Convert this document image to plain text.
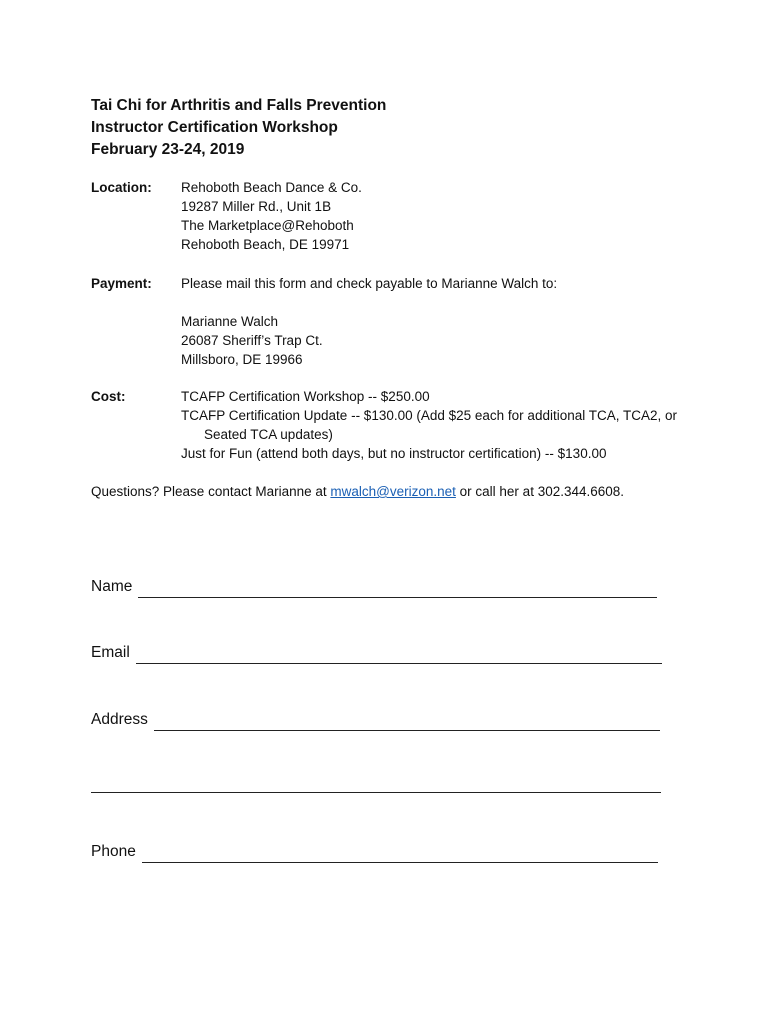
Tai Chi for Arthritis and Falls Prevention
Instructor Certification Workshop
February 23-24, 2019
Location: Rehoboth Beach Dance & Co.
19287 Miller Rd., Unit 1B
The Marketplace@Rehoboth
Rehoboth Beach, DE 19971
Payment: Please mail this form and check payable to Marianne Walch to:
Marianne Walch
26087 Sheriff’s Trap Ct.
Millsboro, DE 19966
Cost:	TCAFP Certification Workshop -- $250.00
TCAFP Certification Update -- $130.00 (Add $25 each for additional TCA, TCA2, or
Seated TCA updates)
Just for Fun (attend both days, but no instructor certification) -- $130.00
Questions? Please contact Marianne at mwalch@verizon.net or call her at 302.344.6608.
Name
Email
Address
Phone
